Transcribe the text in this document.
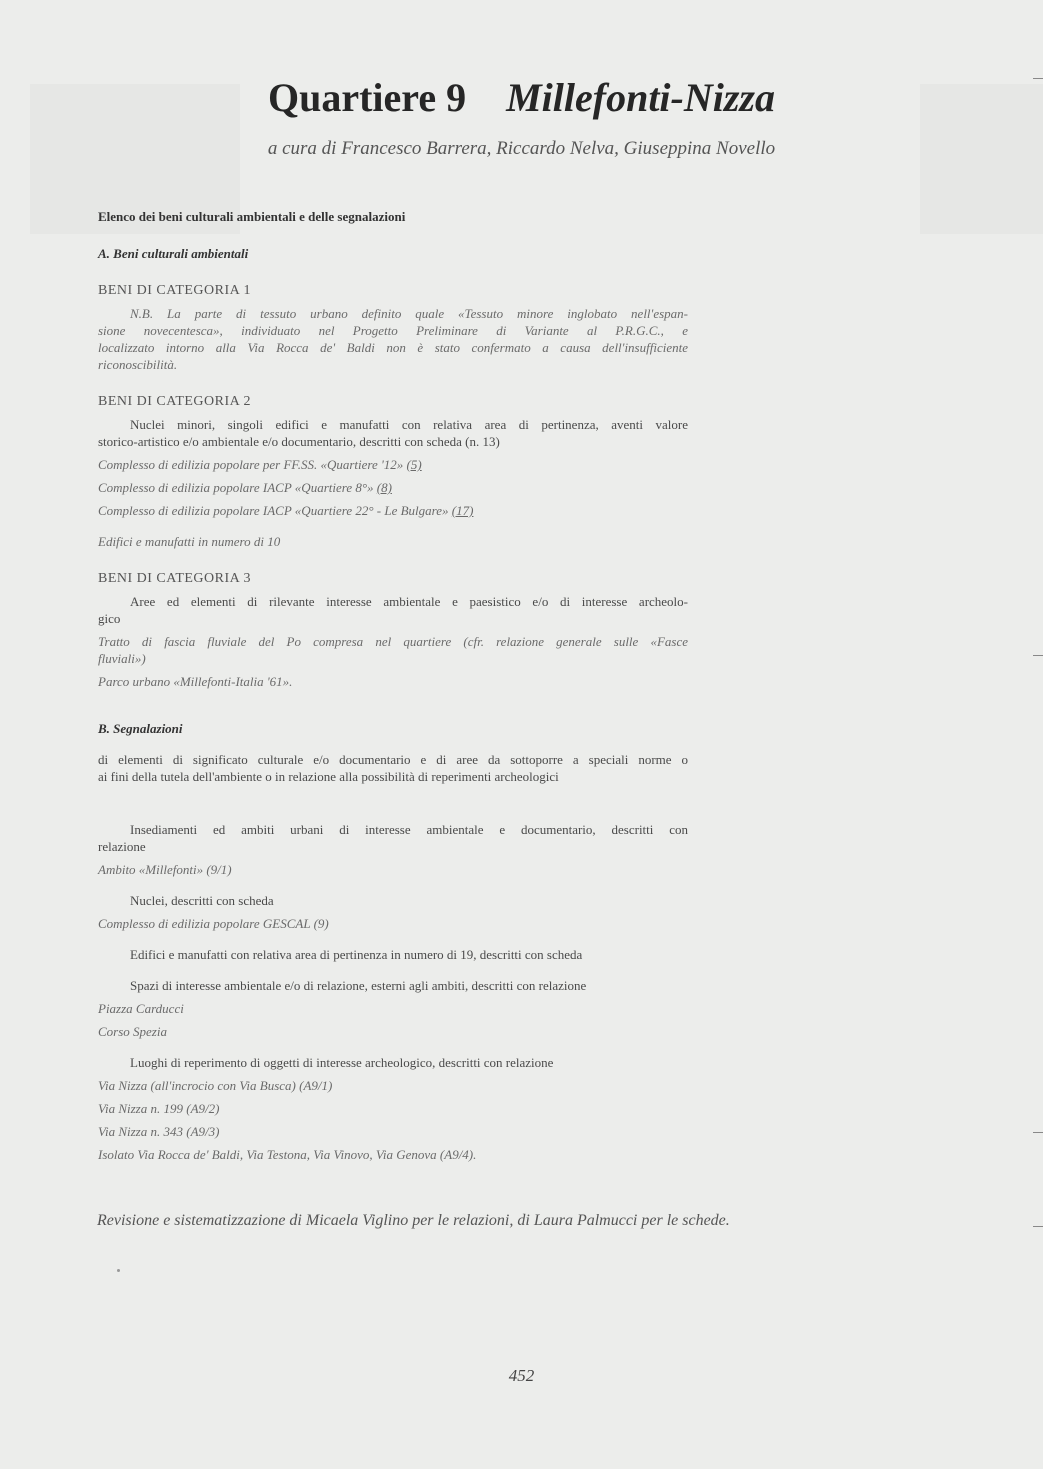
Quartiere 9 Millefonti-Nizza
a cura di Francesco Barrera, Riccardo Nelva, Giuseppina Novello
Elenco dei beni culturali ambientali e delle segnalazioni
A. Beni culturali ambientali
BENI DI CATEGORIA 1
N.B. La parte di tessuto urbano definito quale «Tessuto minore inglobato nell'espan-
sione novecentesca», individuato nel Progetto Preliminare di Variante al P.R.G.C., e
localizzato intorno alla Via Rocca de' Baldi non è stato confermato a causa dell'insufficiente
riconoscibilità.
BENI DI CATEGORIA 2
Nuclei minori, singoli edifici e manufatti con relativa area di pertinenza, aventi valore
storico-artistico e/o ambientale e/o documentario, descritti con scheda (n. 13)
Complesso di edilizia popolare per FF.SS. «Quartiere '12» (5)
Complesso di edilizia popolare IACP «Quartiere 8°» (8)
Complesso di edilizia popolare IACP «Quartiere 22° - Le Bulgare» (17)
Edifici e manufatti in numero di 10
BENI DI CATEGORIA 3
Aree ed elementi di rilevante interesse ambientale e paesistico e/o di interesse archeolo-
gico
Tratto di fascia fluviale del Po compresa nel quartiere (cfr. relazione generale sulle «Fasce
fluviali»)
Parco urbano «Millefonti-Italia '61».
B. Segnalazioni
di elementi di significato culturale e/o documentario e di aree da sottoporre a speciali norme o
ai fini della tutela dell'ambiente o in relazione alla possibilità di reperimenti archeologici
Insediamenti ed ambiti urbani di interesse ambientale e documentario, descritti con
relazione
Ambito «Millefonti» (9/1)
Nuclei, descritti con scheda
Complesso di edilizia popolare GESCAL (9)
Edifici e manufatti con relativa area di pertinenza in numero di 19, descritti con scheda
Spazi di interesse ambientale e/o di relazione, esterni agli ambiti, descritti con relazione
Piazza Carducci
Corso Spezia
Luoghi di reperimento di oggetti di interesse archeologico, descritti con relazione
Via Nizza (all'incrocio con Via Busca) (A9/1)
Via Nizza n. 199 (A9/2)
Via Nizza n. 343 (A9/3)
Isolato Via Rocca de' Baldi, Via Testona, Via Vinovo, Via Genova (A9/4).
Revisione e sistematizzazione di Micaela Viglino per le relazioni, di Laura Palmucci per le schede.
452
